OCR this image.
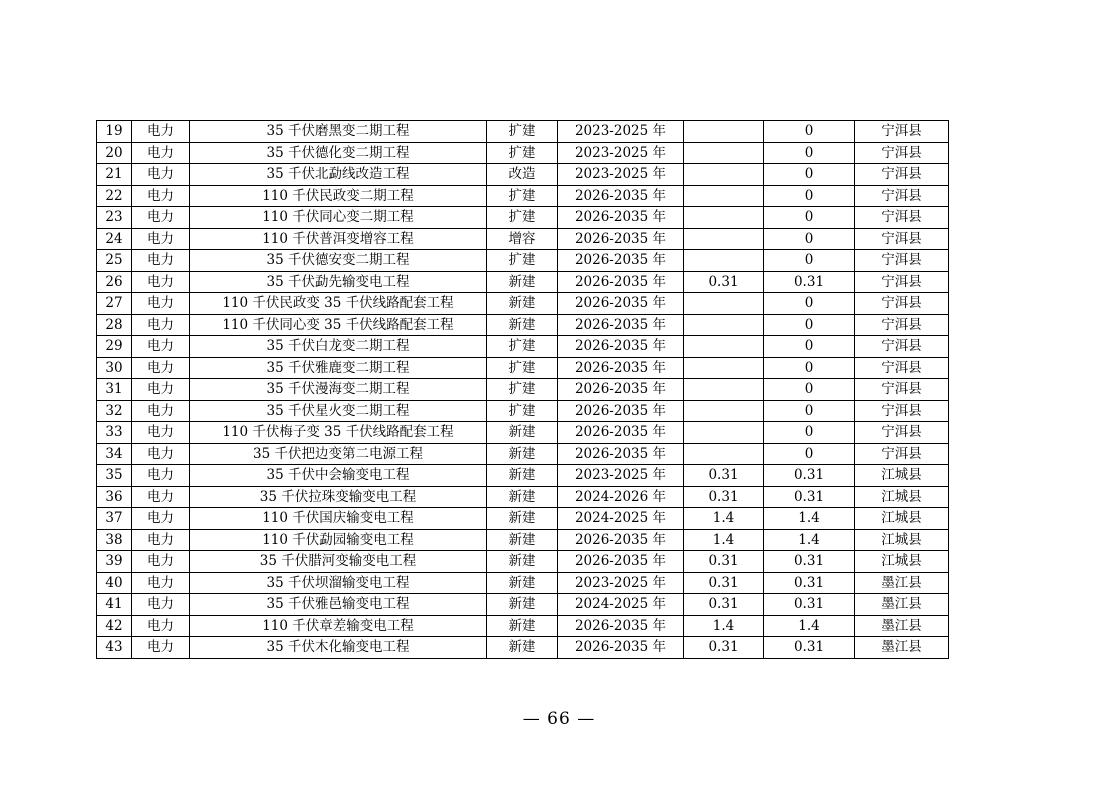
19	电力	35 千伏磨黑变二期工程	扩建	2023-2025 年		0	宁洱县
20	电力	35 千伏德化变二期工程	扩建	2023-2025 年		0	宁洱县
21	电力	35 千伏北勐线改造工程	改造	2023-2025 年		0	宁洱县
22	电力	110 千伏民政变二期工程	扩建	2026-2035 年		0	宁洱县
23	电力	110 千伏同心变二期工程	扩建	2026-2035 年		0	宁洱县
24	电力	110 千伏普洱变增容工程	增容	2026-2035 年		0	宁洱县
25	电力	35 千伏德安变二期工程	扩建	2026-2035 年		0	宁洱县
26	电力	35 千伏勐先输变电工程	新建	2026-2035 年	0.31	0.31	宁洱县
27	电力	110 千伏民政变 35 千伏线路配套工程	新建	2026-2035 年		0	宁洱县
28	电力	110 千伏同心变 35 千伏线路配套工程	新建	2026-2035 年		0	宁洱县
29	电力	35 千伏白龙变二期工程	扩建	2026-2035 年		0	宁洱县
30	电力	35 千伏雅鹿变二期工程	扩建	2026-2035 年		0	宁洱县
31	电力	35 千伏漫海变二期工程	扩建	2026-2035 年		0	宁洱县
32	电力	35 千伏星火变二期工程	扩建	2026-2035 年		0	宁洱县
33	电力	110 千伏梅子变 35 千伏线路配套工程	新建	2026-2035 年		0	宁洱县
34	电力	35 千伏把边变第二电源工程	新建	2026-2035 年		0	宁洱县
35	电力	35 千伏中会输变电工程	新建	2023-2025 年	0.31	0.31	江城县
36	电力	35 千伏拉珠变输变电工程	新建	2024-2026 年	0.31	0.31	江城县
37	电力	110 千伏国庆输变电工程	新建	2024-2025 年	1.4	1.4	江城县
38	电力	110 千伏勐园输变电工程	新建	2026-2035 年	1.4	1.4	江城县
39	电力	35 千伏腊河变输变电工程	新建	2026-2035 年	0.31	0.31	江城县
40	电力	35 千伏坝溜输变电工程	新建	2023-2025 年	0.31	0.31	墨江县
41	电力	35 千伏雅邑输变电工程	新建	2024-2025 年	0.31	0.31	墨江县
42	电力	110 千伏章差输变电工程	新建	2026-2035 年	1.4	1.4	墨江县
43	电力	35 千伏木化输变电工程	新建	2026-2035 年	0.31	0.31	墨江县
— 66 —
